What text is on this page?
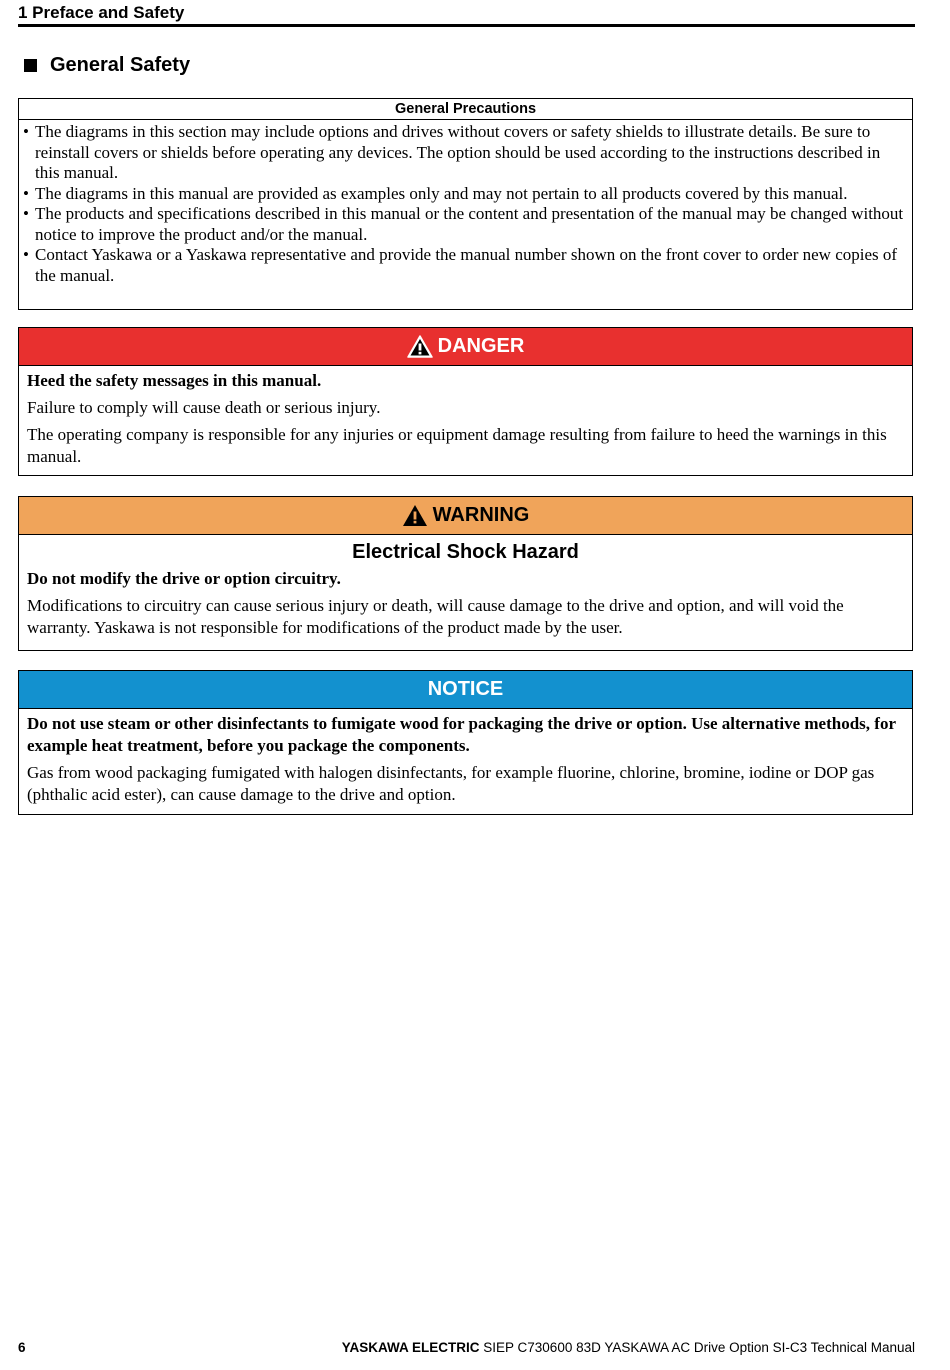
1 Preface and Safety
General Safety
General Precautions
• The diagrams in this section may include options and drives without covers or safety shields to illustrate details. Be sure to reinstall covers or shields before operating any devices. The option should be used according to the instructions described in this manual.
• The diagrams in this manual are provided as examples only and may not pertain to all products covered by this manual.
• The products and specifications described in this manual or the content and presentation of the manual may be changed without notice to improve the product and/or the manual.
• Contact Yaskawa or a Yaskawa representative and provide the manual number shown on the front cover to order new copies of the manual.
DANGER

Heed the safety messages in this manual.

Failure to comply will cause death or serious injury.

The operating company is responsible for any injuries or equipment damage resulting from failure to heed the warnings in this manual.

WARNING
Electrical Shock Hazard

Do not modify the drive or option circuitry.

Modifications to circuitry can cause serious injury or death, will cause damage to the drive and option, and will void the warranty. Yaskawa is not responsible for modifications of the product made by the user.

NOTICE

Do not use steam or other disinfectants to fumigate wood for packaging the drive or option. Use alternative methods, for example heat treatment, before you package the components.

Gas from wood packaging fumigated with halogen disinfectants, for example fluorine, chlorine, bromine, iodine or DOP gas (phthalic acid ester), can cause damage to the drive and option.

6	YASKAWA ELECTRIC SIEP C730600 83D YASKAWA AC Drive Option SI-C3 Technical Manual
